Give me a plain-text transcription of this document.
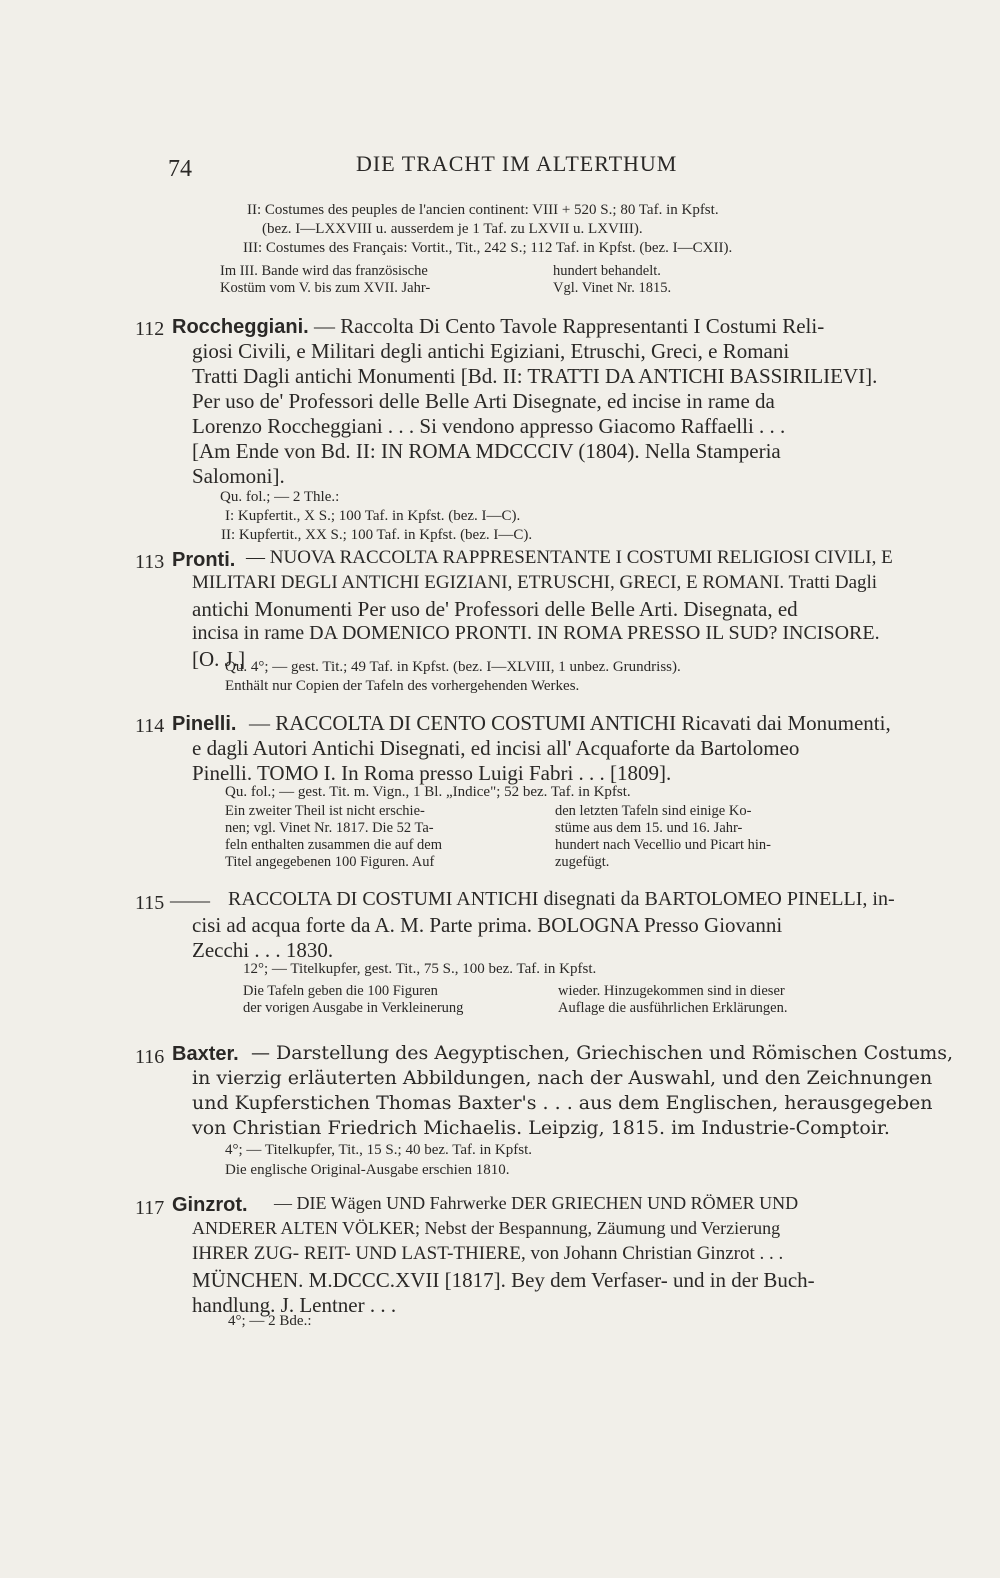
74	DIE TRACHT IM ALTERTHUM
II: Costumes des peuples de l'ancien continent: VIII + 520 S.; 80 Taf. in Kpfst.
(bez. I—LXXVIII u. ausserdem je 1 Taf. zu LXVII u. LXVIII).
III: Costumes des Français: Vortit., Tit., 242 S.; 112 Taf. in Kpfst. (bez. I—CXII).
Im III. Bande wird das französische
Kostüm vom V. bis zum XVII. Jahr-
hundert behandelt.
Vgl. Vinet Nr. 1815.
112 Roccheggiani. — Raccolta Di Cento Tavole Rappresentanti I Costumi Reli-
giosi Civili, e Militari degli antichi Egiziani, Etruschi, Greci, e Romani
Tratti Dagli antichi Monumenti [Bd. II: TRATTI DA ANTICHI BASSIRILIEVI].
Per uso de' Professori delle Belle Arti Disegnate, ed incise in rame da
Lorenzo Roccheggiani . . . Si vendono appresso Giacomo Raffaelli . . .
[Am Ende von Bd. II: IN ROMA MDCCCIV (1804). Nella Stamperia
Salomoni].
Qu. fol.; — 2 Thle.:
I: Kupfertit., X S.; 100 Taf. in Kpfst. (bez. I—C).
II: Kupfertit., XX S.; 100 Taf. in Kpfst. (bez. I—C).
113 Pronti. — NUOVA RACCOLTA RAPPRESENTANTE I COSTUMI RELIGIOSI CIVILI, E
MILITARI DEGLI ANTICHI EGIZIANI, ETRUSCHI, GRECI, E ROMANI. Tratti Dagli
antichi Monumenti Per uso de' Professori delle Belle Arti. Disegnata, ed
incisa in rame DA DOMENICO PRONTI. IN ROMA PRESSO IL SUD? INCISORE.
[O. J.]
Qu. 4°; — gest. Tit.; 49 Taf. in Kpfst. (bez. I—XLVIII, 1 unbez. Grundriss).
Enthält nur Copien der Tafeln des vorhergehenden Werkes.
114 Pinelli. — RACCOLTA DI CENTO COSTUMI ANTICHI Ricavati dai Monumenti,
e dagli Autori Antichi Disegnati, ed incisi all' Acquaforte da Bartolomeo
Pinelli. TOMO I. In Roma presso Luigi Fabri . . . [1809].
Qu. fol.; — gest. Tit. m. Vign., 1 Bl. „Indice"; 52 bez. Taf. in Kpfst.
Ein zweiter Theil ist nicht erschie-
nen; vgl. Vinet Nr. 1817. Die 52 Ta-
feln enthalten zusammen die auf dem
Titel angegebenen 100 Figuren. Auf
den letzten Tafeln sind einige Ko-
stüme aus dem 15. und 16. Jahr-
hundert nach Vecellio und Picart hin-
zugefügt.
115 —— RACCOLTA DI COSTUMI ANTICHI disegnati da BARTOLOMEO PINELLI, in-
cisi ad acqua forte da A. M. Parte prima. BOLOGNA Presso Giovanni
Zecchi . . . 1830.
12°; — Titelkupfer, gest. Tit., 75 S., 100 bez. Taf. in Kpfst.
Die Tafeln geben die 100 Figuren
der vorigen Ausgabe in Verkleinerung
wieder. Hinzugekommen sind in dieser
Auflage die ausführlichen Erklärungen.
116 Baxter. — Darstellung des Aegyptischen, Griechischen und Römischen Costums,
in vierzig erläuterten Abbildungen, nach der Auswahl, und den Zeichnungen
und Kupferstichen Thomas Baxter's . . . aus dem Englischen, herausgegeben
von Christian Friedrich Michaelis. Leipzig, 1815. im Industrie-Comptoir.
4°; — Titelkupfer, Tit., 15 S.; 40 bez. Taf. in Kpfst.
Die englische Original-Ausgabe erschien 1810.
117 Ginzrot. — DIE Wägen UND Fahrwerke DER GRIECHEN UND RÖMER UND
ANDERER ALTEN VÖLKER; Nebst der Bespannung, Zäumung und Verzierung
IHRER ZUG- REIT- UND LAST-THIERE, von Johann Christian Ginzrot . . .
MÜNCHEN. M.DCCC.XVII [1817]. Bey dem Verfaser- und in der Buch-
handlung. J. Lentner . . .
4°; — 2 Bde.:
